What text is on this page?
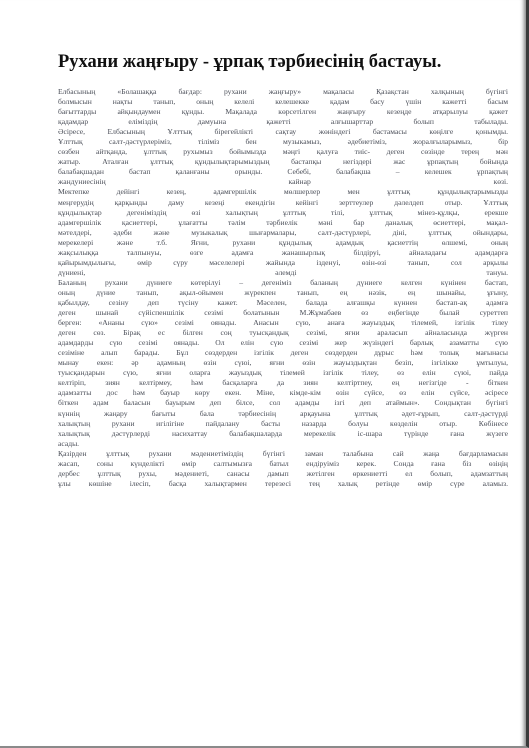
Рухани жаңғыру - ұрпақ тәрбиесінің бастауы.

Елбасының «Болашаққа бағдар: рухани жаңғыру» мақаласы Қазақстан халқының бүгінгі
болмысын нақты танып, оның келелі келешекке қадам басу үшін кажетті басым
бағыттарды айқындаумен құнды. Мақалада көрсетілген жаңғыру кезеңде атқарылуы қажет
қадамдар еліміздің дамуына қажетті алғышарттар болып табылады.
Әсіресе, Елбасының Ұлттық бірегейлікті сақтау жөніндегі бастамасы көңілге қонымды.
Ұлттық салт-дәстүрлеріміз, тіліміз бен музыкамыз, әдебиетіміз, жоралғыларымыз, бір
сөзбен айтқанда, ұлттық рухымыз бойымызда мәңгі қалуға тиіс- деген сөзінде терең мән
жатыр. Аталған ұлттық құндылықтарымыздың бастапқы негіздері жас ұрпақтың бойында
балабақшадан бастап қаланғаны орынды. Себебі, балабақша – келешек ұрпақтың
жандуниесінің кайнар көзі.

Мектепке дейінгі кезең, адамгершілік мөлшерлер мен ұлттық құндылықтарымызды
меңгерудің қарқынды даму кезеңі екендігін кейінгі зерттеулер дәлелдеп отыр. Ұлттық
құндылықтар дегеніміздің өзі халықтың ұлттық тілі, ұлттық мінез-құлқы, ерекше
адамгершілік қасиеттері, ұлағатты тәлім тәрбиелік мәні бар даналық өсиеттері, мақал-
мәтелдері, әдеби және музыкалық шығармалары, салт-дәстүрлері, діні, ұлттық ойындары,
мерекелері және т.б. Яғни, рухани құндылық адамдық қасиеттің өлшемі, оның
жақсылыққа талпынуы, өзге адамға жанашырлық білдіруі, айналадағы адамдарға
қайырымдылығы, өмір сүру мәселелері жайында ізденуі, өзін-өзі танып, сол арқылы
дүниені, әлемді тануы.

Баланың рухани дүниеге көтерілуі – дегеніміз баланың дүниеге келген күнінен бастап,
оның дүние танып, ақыл-ойымен жүрекпен танып, ең нәзік, ең шынайы, ұғыну,
қабылдау, сезіну деп түсіну кажет. Мәселен, балада алғашқы күннен бастап-ақ адамға
деген шынай сүйіспеншілік сезімі болатынын М.Жұмабаев өз еңбегінде былай суреттеп
берген: «Ананы сүю» сезімі оянады. Анасын сүю, анаға жауыздық тілемей, ізгілік тілеу
деген сөз. Бірақ ес білген соң туысқандық сезімі, яғни араласып айналасында жүрген
адамдарды сүю сезімі оянады. Ол елін сүю сезімі жер жүзіндегі барлық азаматты сүю
сезіміне алып барады. Бұл сөздерден ізгілік деген сөздерден дұрыс һәм толық мағынасы
мынау екен: әр адамның өзін сүюі, яғни өзін жауыздықтан безіп, ізгілікке ұмтылуы,
туысқандарын сүю, яғни оларға жауыздық тілемей ізгілік тілеу, өз елін сүюі, пайда
келтіріп, зиян келтірмеу, һәм басқаларға да зиян келтіртпеу, ең негізгіде - біткен
адамзатты дос һәм бауыр көру екен. Міне, кімде-кім өзін сүйсе, өз елін сүйсе, әсіресе
біткен адам баласын бауырым деп білсе, сол адамды ізгі деп атаймын». Сондықтан бүгінгі
күннің жаңару бағыты бала тәрбиесінің арқауына ұлттық әдет-ғұрып, салт-дәстүрді
халықтың рухани игілігіне пайдалану басты назарда болуы көзделін отыр. Көбінесе
халықтық дәстүрлерді насихаттау балабақшаларда мерекелік іс-шара түрінде ғана жүзеге
асады.

Қазірден ұлттық рухани мәдениетіміздің бүгінгі заман талабына сай жаңа бағдарламасын
жасап, соны күнделікті өмір салтымызға батыл ендіруіміз керек. Сонда ғана біз өзіңің
дербес ұлттық рухы, мәдениеті, санасы дамып жетілген өркениетті ел болып, адамзаттың
ұлы көшіне ілесіп, басқа халықтармен терезесі тең халық ретінде өмір сүре аламыз.
